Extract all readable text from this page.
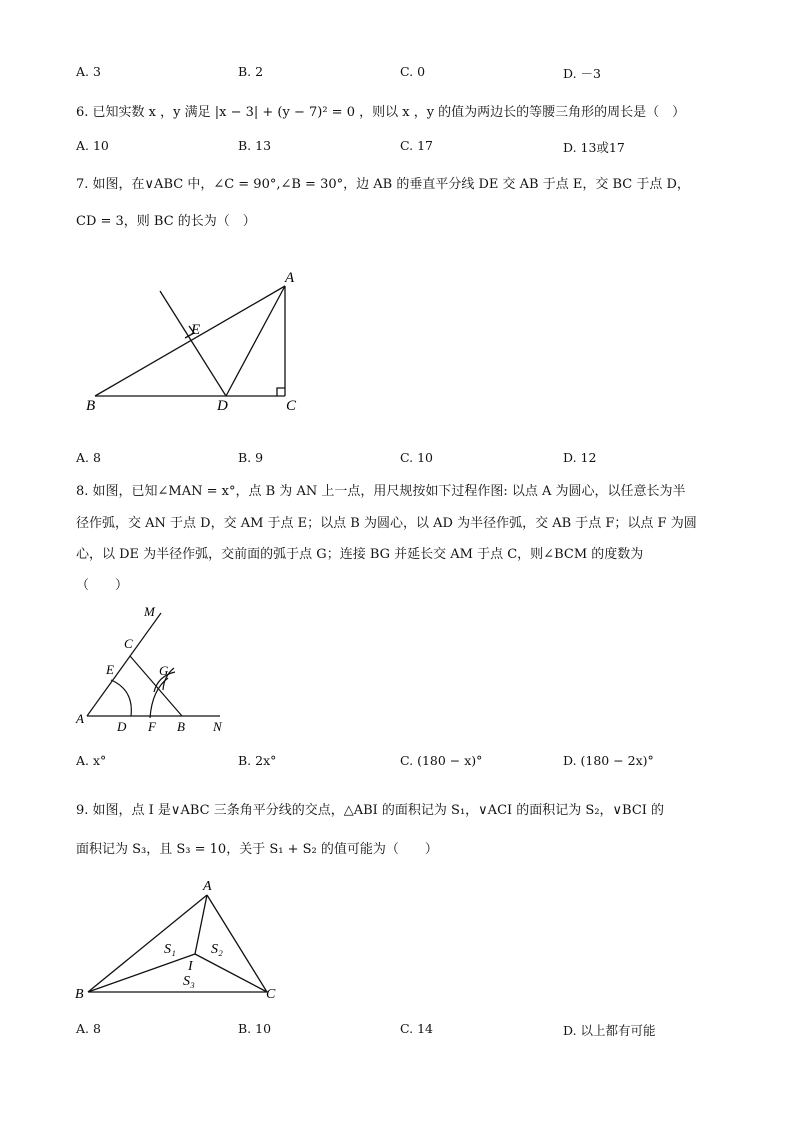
A. 3	B. 2	C. 0	D. －3
6. 已知实数 x ，y 满足 |x − 3| + (y − 7)² = 0 ，则以 x ，y 的值为两边长的等腰三角形的周长是（　）
A. 10	B. 13	C. 17	D. 13或17
7. 如图，在∨ABC 中，∠C = 90°,∠B = 30°，边 AB 的垂直平分线 DE 交 AB 于点 E，交 BC 于点 D，
CD = 3，则 BC 的长为（　）
A
B	C
D
E
A. 8	B. 9	C. 10	D. 12
8. 如图，已知∠MAN = x°，点 B 为 AN 上一点，用尺规按如下过程作图: 以点 A 为圆心，以任意长为半
径作弧，交 AN 于点 D，交 AM 于点 E；以点 B 为圆心，以 AD 为半径作弧，交 AB 于点 F；以点 F 为圆
心，以 DE 为半径作弧，交前面的弧于点 G；连接 BG 并延长交 AM 于点 C，则∠BCM 的度数为
（　　）
M
C
E	G
A
D F B N
A. x°	B. 2x°	C. (180 − x)°	D. (180 − 2x)°
9. 如图，点 I 是∨ABC 三条角平分线的交点，△ABI 的面积记为 S₁，∨ACI 的面积记为 S₂，∨BCI 的
面积记为 S₃，且 S₃ = 10，关于 S₁ + S₂ 的值可能为（　　）
A
B	C
I
S₁	S₂
S₃
A. 8	B. 10	C. 14	D. 以上都有可能
